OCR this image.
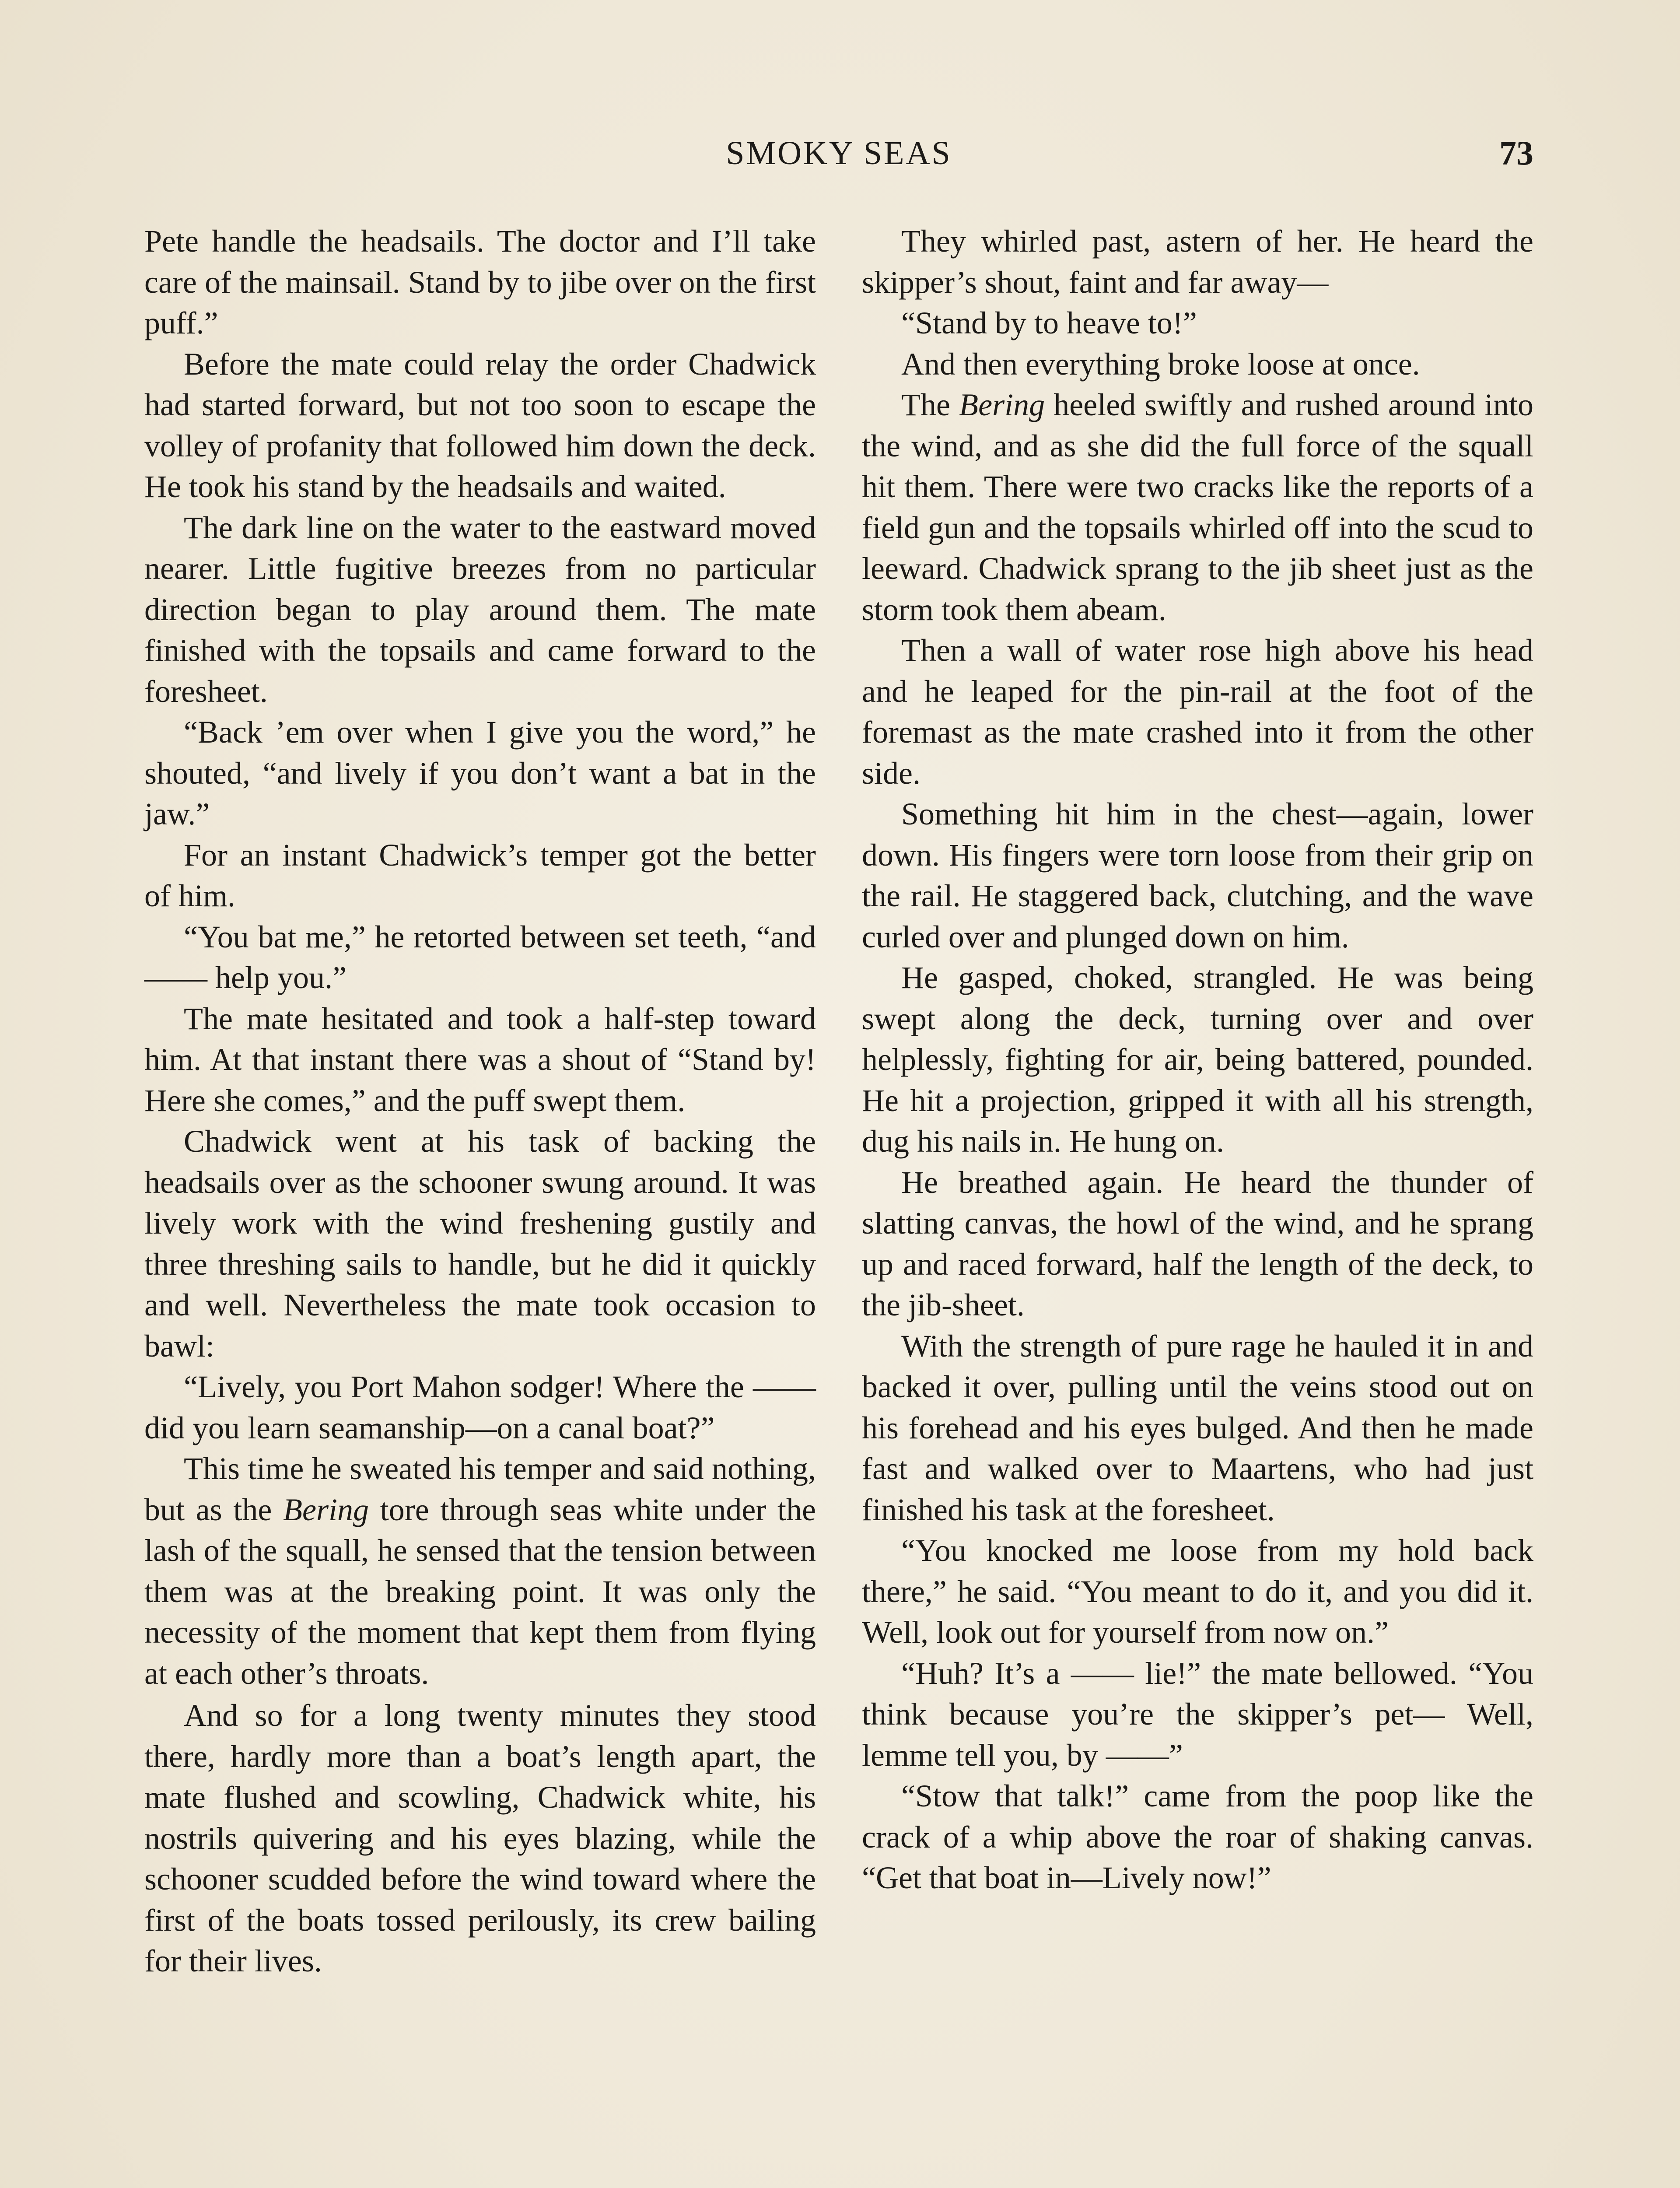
SMOKY SEAS	73

Pete handle the headsails. The doctor and I’ll take care of the mainsail. Stand by to jibe over on the first puff.”

Before the mate could relay the order Chadwick had started forward, but not too soon to escape the volley of profanity that followed him down the deck. He took his stand by the headsails and waited.

The dark line on the water to the eastward moved nearer. Little fugitive breezes from no particular direction began to play around them. The mate finished with the topsails and came forward to the foresheet.

“Back ’em over when I give you the word,” he shouted, “and lively if you don’t want a bat in the jaw.”

For an instant Chadwick’s temper got the better of him.

“You bat me,” he retorted between set teeth, “and —— help you.”

The mate hesitated and took a half-step toward him. At that instant there was a shout of “Stand by! Here she comes,” and the puff swept them.

Chadwick went at his task of backing the headsails over as the schooner swung around. It was lively work with the wind freshening gustily and three threshing sails to handle, but he did it quickly and well. Nevertheless the mate took occasion to bawl:

“Lively, you Port Mahon sodger! Where the —— did you learn seamanship—on a canal boat?”

This time he sweated his temper and said nothing, but as the Bering tore through seas white under the lash of the squall, he sensed that the tension between them was at the breaking point. It was only the necessity of the moment that kept them from flying at each other’s throats.

And so for a long twenty minutes they stood there, hardly more than a boat’s length apart, the mate flushed and scowling, Chadwick white, his nostrils quivering and his eyes blazing, while the schooner scudded before the wind toward where the first of the boats tossed perilously, its crew bailing for their lives.

They whirled past, astern of her. He heard the skipper’s shout, faint and far away—

“Stand by to heave to!”

And then everything broke loose at once.

The Bering heeled swiftly and rushed around into the wind, and as she did the full force of the squall hit them. There were two cracks like the reports of a field gun and the topsails whirled off into the scud to leeward. Chadwick sprang to the jib sheet just as the storm took them abeam.

Then a wall of water rose high above his head and he leaped for the pin-rail at the foot of the foremast as the mate crashed into it from the other side.

Something hit him in the chest—again, lower down. His fingers were torn loose from their grip on the rail. He staggered back, clutching, and the wave curled over and plunged down on him.

He gasped, choked, strangled. He was being swept along the deck, turning over and over helplessly, fighting for air, being battered, pounded. He hit a projection, gripped it with all his strength, dug his nails in. He hung on.

He breathed again. He heard the thunder of slatting canvas, the howl of the wind, and he sprang up and raced forward, half the length of the deck, to the jib-sheet.

With the strength of pure rage he hauled it in and backed it over, pulling until the veins stood out on his forehead and his eyes bulged. And then he made fast and walked over to Maartens, who had just finished his task at the foresheet.

“You knocked me loose from my hold back there,” he said. “You meant to do it, and you did it. Well, look out for yourself from now on.”

“Huh? It’s a —— lie!” the mate bellowed. “You think because you’re the skipper’s pet— Well, lemme tell you, by ——”

“Stow that talk!” came from the poop like the crack of a whip above the roar of shaking canvas. “Get that boat in—Lively now!”
